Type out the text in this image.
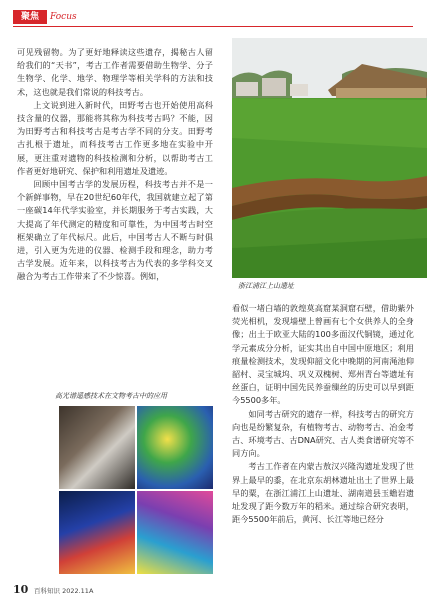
聚焦	Focus

可见残留物。为了更好地释读这些遗存，揭秘古人留给我们的“天书”，考古工作者需要借助生物学、分子生物学、化学、地学、物理学等相关学科的方法和技术，这也就是我们常说的科技考古。

上文说到进入新时代，田野考古也开始使用高科技含量的仪器，那能将其称为科技考古吗？不能，因为田野考古和科技考古是考古学不同的分支。田野考古扎根于遗址，而科技考古工作更多地在实验中开展，更注重对遗物的科技检测和分析，以帮助考古工作者更好地研究、保护和利用遗址及遗迹。

回顾中国考古学的发展历程，科技考古并不是一个新鲜事物，早在20世纪60年代，我国就建立起了第一座碳14年代学实验室，并长期服务于考古实践，大大提高了年代测定的精度和可靠性，为中国考古时空框架确立了年代标尺。此后，中国考古人不断与时俱进，引入更为先进的仪器、检测手段和理念，助力考古学发展。近年来，以科技考古为代表的多学科交叉融合为考古工作带来了不少惊喜。例如，

浙江浦江上山遗址

看似一堵白墙的敦煌莫高窟某洞窟石壁，借助紫外荧光相机，发现墙壁上曾画有七个女供养人的全身像；出土于欧亚大陆的100多面汉代铜镜，通过化学元素成分分析，证实其出自中国中原地区；利用痕量检测技术，发现仰韶文化中晚期的河南渑池仰韶村、灵宝城坞、巩义双槐树、郑州青台等遗址有丝蛋白，证明中国先民养蚕缫丝的历史可以早到距今5500多年。

如同考古研究的遗存一样，科技考古的研究方向也是纷繁复杂，有植物考古、动物考古、冶金考古、环境考古、古DNA研究、古人类食谱研究等不同方向。

考古工作者在内蒙古敖汉兴隆沟遗址发现了世界上最早的黍，在北京东胡林遗址出土了世界上最早的粟，在浙江浦江上山遗址、湖南道县玉蟾岩遗址发现了距今数万年的稻米。通过综合研究表明，距今5500年前后，黄河、长江等地已经分

高光谱遥感技术在文物考古中的应用
10 百科知识 2022.11A
